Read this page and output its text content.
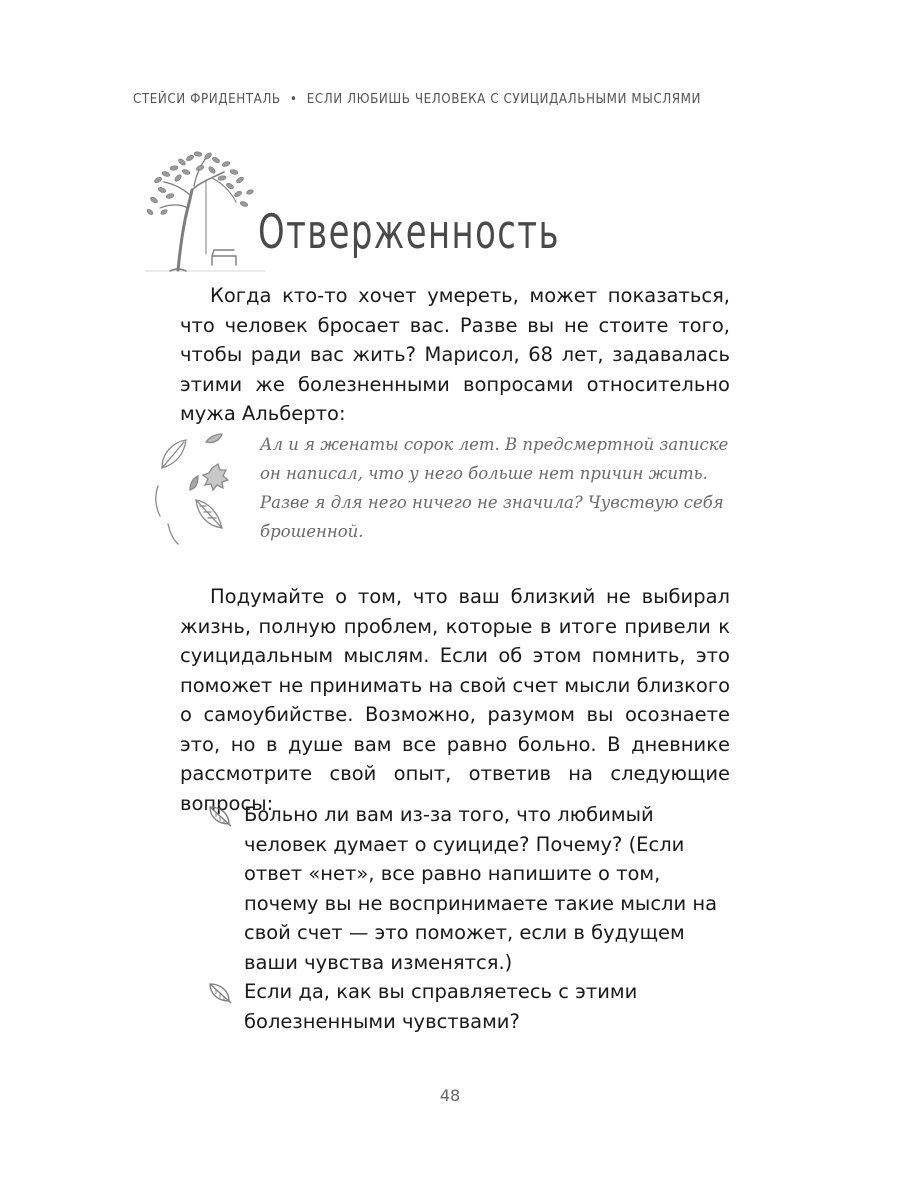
СТЕЙСИ ФРИДЕНТАЛЬ • ЕСЛИ ЛЮБИШЬ ЧЕЛОВЕКА С СУИЦИДАЛЬНЫМИ МЫСЛЯМИ
Отверженность

Когда кто-то хочет умереть, может показаться, что человек бросает вас. Разве вы не стоите того, чтобы ради вас жить? Марисол, 68 лет, задавалась этими же болезненными вопросами относительно мужа Альберто:

Ал и я женаты сорок лет. В предсмертной записке он написал, что у него больше нет причин жить. Разве я для него ничего не значила? Чувствую себя брошенной.

Подумайте о том, что ваш близкий не выбирал жизнь, полную проблем, которые в итоге привели к суицидальным мыслям. Если об этом помнить, это поможет не принимать на свой счет мысли близкого о самоубийстве. Возможно, разумом вы осознаете это, но в душе вам все равно больно. В дневнике рассмотрите свой опыт, ответив на следующие вопросы:

Больно ли вам из-за того, что любимый человек думает о суициде? Почему? (Если ответ «нет», все равно напишите о том, почему вы не воспринимаете такие мысли на свой счет — это поможет, если в будущем ваши чувства изменятся.)
Если да, как вы справляетесь с этими болезненными чувствами?
48
